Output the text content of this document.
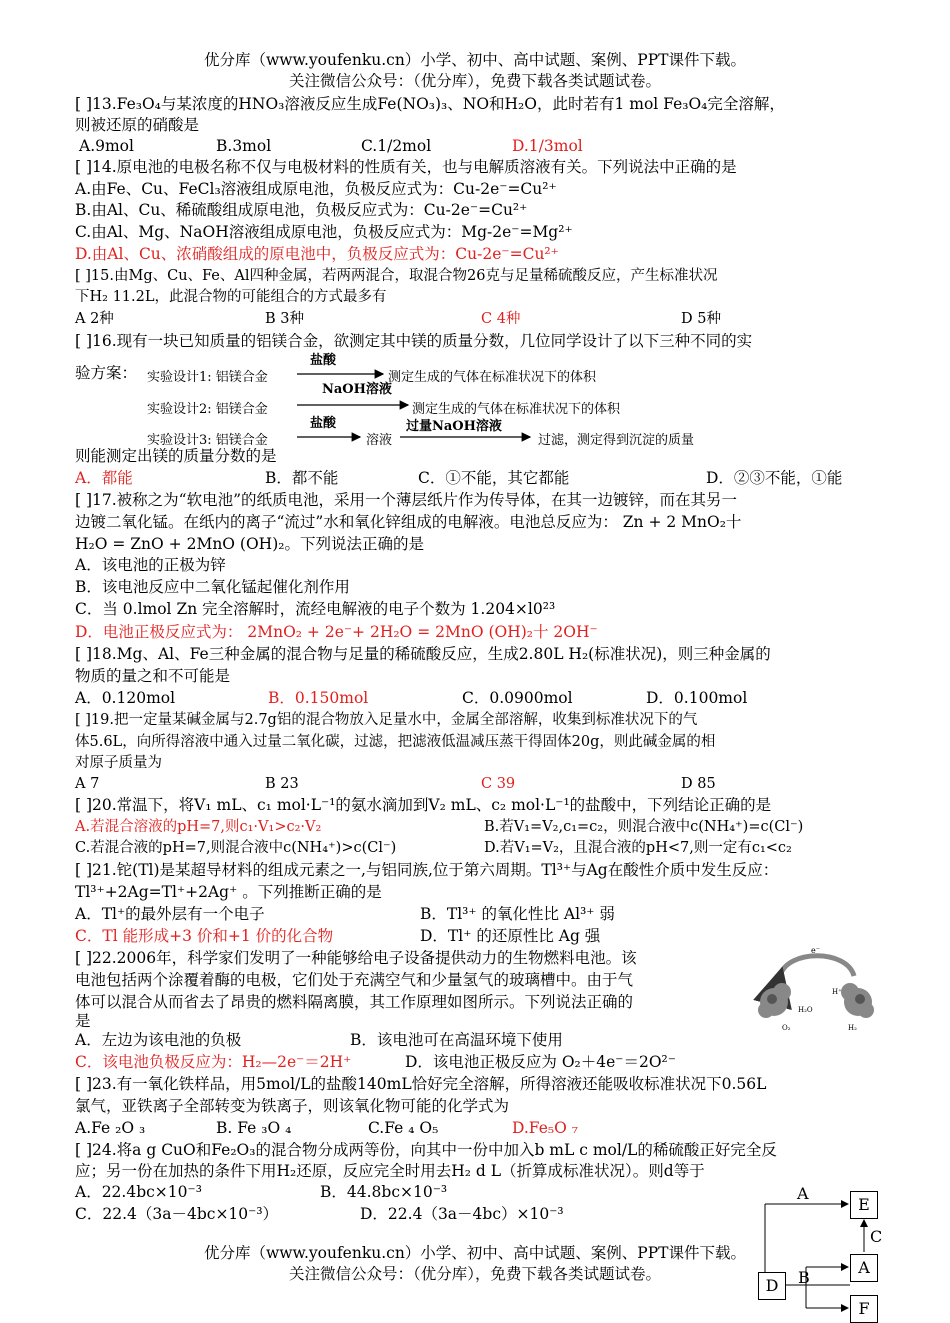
优分库（www.youfenku.cn）小学、初中、高中试题、案例、PPT课件下载。
关注微信公众号：（优分库），免费下载各类试题试卷。
[ ]13.Fe₃O₄与某浓度的HNO₃溶液反应生成Fe(NO₃)₃、NO和H₂O，此时若有1 mol Fe₃O₄完全溶解，
则被还原的硝酸是
A.9mol	B.3mol	C.1/2mol	D.1/3mol
[ ]14.原电池的电极名称不仅与电极材料的性质有关，也与电解质溶液有关。下列说法中正确的是
A.由Fe、Cu、FeCl₃溶液组成原电池，负极反应式为：Cu-2e⁻=Cu²⁺
B.由Al、Cu、稀硫酸组成原电池，负极反应式为：Cu-2e⁻=Cu²⁺
C.由Al、Mg、NaOH溶液组成原电池，负极反应式为：Mg-2e⁻=Mg²⁺
D.由Al、Cu、浓硝酸组成的原电池中，负极反应式为：Cu-2e⁻=Cu²⁺
[ ]15.由Mg、Cu、Fe、Al四种金属，若两两混合，取混合物26克与足量稀硫酸反应，产生标准状况
下H₂ 11.2L，此混合物的可能组合的方式最多有
A 2种	B 3种	C 4种	D 5种
[ ]16.现有一块已知质量的铝镁合金，欲测定其中镁的质量分数，几位同学设计了以下三种不同的实
验方案： 实验设计1: 铝镁合金
盐酸
测定生成的气体在标准状况下的体积
实验设计2: 铝镁合金
NaOH溶液
测定生成的气体在标准状况下的体积
实验设计3: 铝镁合金
盐酸
溶液
过量NaOH溶液
过滤，测定得到沉淀的质量
则能测定出镁的质量分数的是
A．都能	B．都不能	C．①不能，其它都能	D．②③不能，①能
[ ]17.被称之为“软电池”的纸质电池，采用一个薄层纸片作为传导体，在其一边镀锌，而在其另一
边镀二氧化锰。在纸内的离子“流过”水和氧化锌组成的电解液。电池总反应为： Zn + 2 MnO₂十
H₂O = ZnO + 2MnO (OH)₂。下列说法正确的是
A．该电池的正极为锌
B．该电池反应中二氧化锰起催化剂作用
C．当 0.lmol Zn 完全溶解时，流经电解液的电子个数为 1.204×l0²³
D．电池正极反应式为： 2MnO₂ + 2e⁻+ 2H₂O = 2MnO (OH)₂十 2OH⁻
[ ]18.Mg、Al、Fe三种金属的混合物与足量的稀硫酸反应，生成2.80L H₂(标准状况)，则三种金属的
物质的量之和不可能是
A．0.120mol	B．0.150mol	C．0.0900mol	D．0.100mol
[ ]19.把一定量某碱金属与2.7g铝的混合物放入足量水中，金属全部溶解，收集到标准状况下的气
体5.6L，向所得溶液中通入过量二氧化碳，过滤，把滤液低温减压蒸干得固体20g，则此碱金属的相
对原子质量为
A 7	B 23	C 39	D 85
[ ]20.常温下，将V₁ mL、c₁ mol·L⁻¹的氨水滴加到V₂ mL、c₂ mol·L⁻¹的盐酸中，下列结论正确的是
A.若混合溶液的pH=7,则c₁·V₁>c₂·V₂	B.若V₁=V₂,c₁=c₂，则混合液中c(NH₄⁺)=c(Cl⁻)
C.若混合液的pH=7,则混合液中c(NH₄⁺)>c(Cl⁻)	D.若V₁=V₂，且混合液的pH<7,则一定有c₁<c₂
[ ]21.铊(Tl)是某超导材料的组成元素之一,与铝同族,位于第六周期。Tl³⁺与Ag在酸性介质中发生反应：
Tl³⁺+2Ag=Tl⁺+2Ag⁺ 。下列推断正确的是
A．Tl⁺的最外层有一个电子	B．Tl³⁺ 的氧化性比 Al³⁺ 弱
C．Tl 能形成+3 价和+1 价的化合物	D．Tl⁺ 的还原性比 Ag 强
[ ]22.2006年，科学家们发明了一种能够给电子设备提供动力的生物燃料电池。该
电池包括两个涂覆着酶的电极，它们处于充满空气和少量氢气的玻璃槽中。由于气
体可以混合从而省去了昂贵的燃料隔离膜，其工作原理如图所示。下列说法正确的
是
e⁻
H₂O
H⁺
O₂	H₂
A．左边为该电池的负极	B．该电池可在高温环境下使用
C．该电池负极反应为：H₂—2e⁻＝2H⁺	D．该电池正极反应为 O₂＋4e⁻＝2O²⁻
[ ]23.有一氧化铁样品，用5mol/L的盐酸140mL恰好完全溶解，所得溶液还能吸收标准状况下0.56L
氯气，亚铁离子全部转变为铁离子，则该氧化物可能的化学式为
A.Fe ₂O ₃	B. Fe ₃O ₄	C.Fe ₄ O₅	D.Fe₅O ₇
[ ]24.将a g CuO和Fe₂O₃的混合物分成两等份，向其中一份中加入b mL c mol/L的稀硫酸正好完全反
应；另一份在加热的条件下用H₂还原，反应完全时用去H₂ d L（折算成标准状况）。则d等于
A．22.4bc×10⁻³	B．44.8bc×10⁻³
C．22.4（3a－4bc×10⁻³）	D．22.4（3a－4bc）×10⁻³
优分库（www.youfenku.cn）小学、初中、高中试题、案例、PPT课件下载。
关注微信公众号：（优分库），免费下载各类试题试卷。
D
A
E
F
A
B
C
